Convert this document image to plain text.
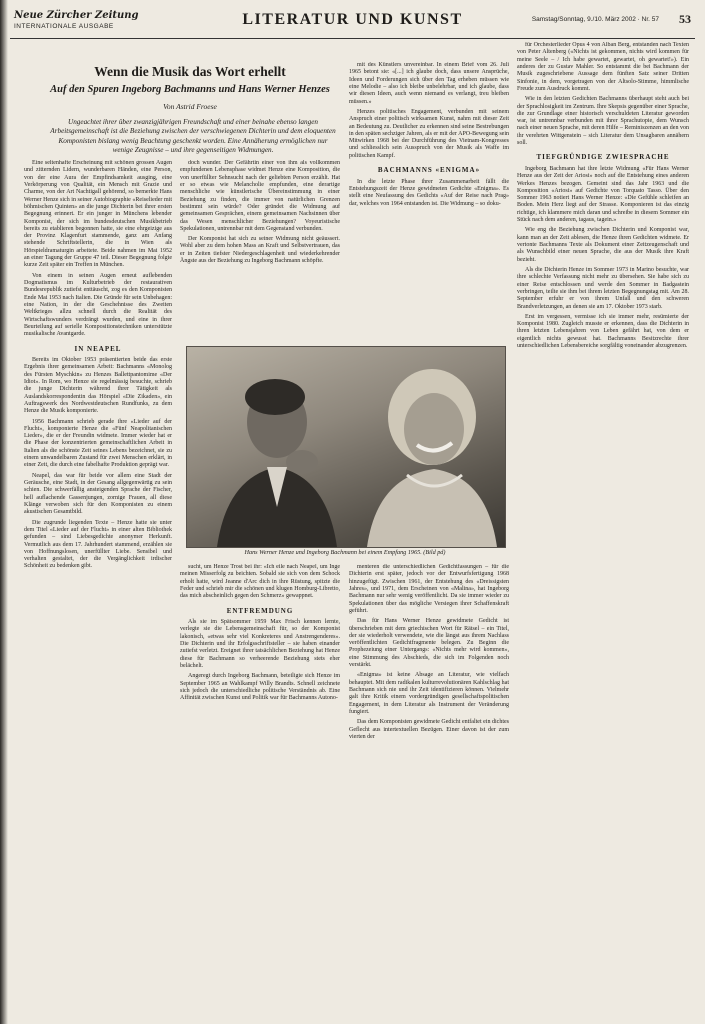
Neue Zürcher Zeitung
INTERNATIONALE AUSGABE	LITERATUR UND KUNST	Samstag/Sonntag, 9./10. März 2002 · Nr. 57 53
Wenn die Musik das Wort erhellt
Auf den Spuren Ingeborg Bachmanns und Hans Werner Henzes
Von Astrid Froese
Ungeachtet ihrer über zwanzigjährigen Freundschaft und einer beinahe ebenso langen Arbeitsgemeinschaft ist die Beziehung zwischen der verschwiegenen Dichterin und dem eloquenten Komponisten bislang wenig Beachtung geschenkt worden. Eine Annäherung ermöglichen nur wenige Zeugnisse – und ihre gegenseitigen Widmungen.

Eine seltenhafte Erscheinung mit schönen grossen Augen und zitternden Lidern, wunderbaren Händen, eine Person, von der eine Aura der Empfindsamkeit ausging, eine Verkörperung von Qualität, ein Mensch mit Grazie und Charme, von der Art Nachtigall gehörend, so bemerkte Hans Werner Henze sich in seiner Autobiographie «Reiselieder mit böhmischen Quinten» an die junge Dichterin bei ihrer ersten Begegnung erinnert. Er ein junger in Münchens lebender Komponist, der sich im bundesdeutschen Musikbetrieb bereits zu etablieren begonnen hatte, sie eine ehrgeizige aus der Provinz Klagenfurt stammende, ganz am Anfang stehende Schriftstellerin, die in Wien als Hörspieldramaturgin arbeitete. Beide nahmen im Mai 1952 an einer Tagung der Gruppe 47 teil. Dieser Begegnung folgte kurze Zeit später ein Treffen in München.

Von einem in seinen Augen erneut auflebenden Dogmatismus im Kulturbetrieb der restaurativen Bundesrepublik zutiefst enttäuscht, zog es den Komponisten Ende Mai 1953 nach Italien. Die Gründe für sein Unbehagen: eine Nation, in der die Geschehnisse des Zweiten Weltkrieges allzu schnell durch die Realität des Wirtschaftswunders verdrängt wurden, und eine in ihrer Beurteilung auf serielle Kompositionstechniken unterstützte musikalische Avantgarde.

IN NEAPEL

Bereits im Oktober 1953 präsentierten beide das erste Ergebnis ihrer gemeinsamen Arbeit: Bachmanns «Monolog des Fürsten Myschkin» zu Henzes Ballettpantomime «Der Idiot». In Rom, wo Henze sie regelmässig besuchte, schrieb die junge Dichterin während ihrer Tätigkeit als Auslandskorrespondentin das Hörspiel «Die Zikaden», ein Auftragswerk des Nordwestdeutschen Rundfunks, zu dem Henze die Musik komponierte.

1956 Bachmann schrieb gerade ihre «Lieder auf der Flucht», komponierte Henze die «Fünf Neapolitanischen Lieder», die er der Freundin widmete. Immer wieder hat er die Phase der konzentrierten gemeinschaftlichen Arbeit in Italien als die schönste Zeit seines Lebens bezeichnet, sie zu einem unwandelbaren Zustand für zwei Menschen erklärt, in einer Zeit, die durch eine fabelhafte Produktion geprägt war.

Neapel, das war für beide vor allem eine Stadt der Geräusche, eine Stadt, in der Gesang allgegenwärtig zu sein schien. Die schwerfällig ansteigenden Sprache der Fischer, hell auflachende Gassenjungen, zornige Frauen, all diese Klänge verwoben sich für den Komponisten zu einem akustischen Gesamtbild.

Die zugrunde liegenden Texte – Henze hatte sie unter dem Titel «Lieder auf der Flucht» in einer alten Bibliothek gefunden – sind Liebesgedichte anonymer Herkunft. Vermutlich aus dem 17. Jahrhundert stammend, erzählen sie von Hoffnungslosen, unerfüllter Liebe. Sensibel und verhalten gestaltet, der die Vergänglichkeit irdischer Schönheit zu bedenken gibt.

doch wunder. Der Gefährtin einer von ihm als vollkommen empfundenen Lebensphase widmet Henze eine Komposition, die von unerfüllter Sehnsucht nach der geliebten Person erzählt. Hat er so etwas wie Melancholie empfunden, eine derartige menschliche wie künstlerische Übereinstimmung in einer Beziehung zu finden, die immer von natürlichen Grenzen bestimmt sein würde? Oder gründet die Widmung auf gemeinsamen Gesprächen, einem gemeinsamen Nachsinnen über das Wesen menschlicher Beziehungen? Voyeuristische Spekulationen, untrennbar mit dem Gegenstand verbunden.

Der Komponist hat sich zu seiner Widmung nicht geäussert. Wohl aber zu dem hohen Mass an Kraft und Selbstvertrauen, das er in Zeiten tiefster Niedergeschlagenheit und wiederkehrender Ängste aus der Beziehung zu Ingeborg Bachmann schöpfte.

mit des Künstlers unvereinbar. In einem Brief vom 26. Juli 1965 betont sie: «[...] ich glaube doch, dass unsere Ansprüche, Ideen und Forderungen sich über den Tag erheben müssen wie eine Melodie – also ich bleibe unbelehrbar, und ich glaube, dass wir diesen Ideen, auch wenn niemand es verlangt, treu bleiben müssen.»

Henzes politisches Engagement, verbunden mit seinem Anspruch einer politisch wirksamen Kunst, nahm mit dieser Zeit an Bedeutung zu. Deutlicher zu erkennen sind seine Bestrebungen in den späten sechziger Jahren, als er mit der APO-Bewegung sein Mitwirken 1968 bei der Durchführung des Vietnam-Kongresses und schliesslich sein Ausspruch von der Musik als Waffe im politischen Kampf.

BACHMANNS «ENIGMA»

In die letzte Phase ihrer Zusammenarbeit fällt die Entstehungszeit der Henze gewidmeten Gedichte «Enigma». Es stellt eine Neufassung des Gedichts «Auf der Reise nach Prag» dar, welches von 1964 entstanden ist. Die Widmung – so doku-

für Orchesterlieder Opus 4 von Alban Berg, entstanden nach Texten von Peter Altenberg («Nichts ist gekommen, nichts wird kommen für meine Seele – / Ich habe gewartet, gewartet, oh gewartet!»). Ein anderes der zu Gustav Mahler. So entstammt die bei Bachmann der Musik zugeschriebene Aussage dem fünften Satz seiner Dritten Sinfonie, in dem, vorgetragen von der Altsolo-Stimme, himmlische Freude zum Ausdruck kommt.

Wie in den letzten Gedichten Bachmanns überhaupt steht auch bei der Sprachlosigkeit im Zentrum. Ihre Skepsis gegenüber einer Sprache, die zur Grundlage einer historisch verschuldeten Literatur geworden war, ist untrennbar verbunden mit ihrer Sprachutopie, dem Wunsch nach einer neuen Sprache, mit deren Hilfe – Reminiszenzen an den von ihr verehrten Wittgenstein – sich Literatur dem Unsagbaren annähern soll.

TIEFGRÜNDIGE ZWIESPRACHE

Ingeborg Bachmann hat ihre letzte Widmung «Für Hans Werner Henze aus der Zeit der Ariosi» noch auf die Entstehung eines anderen Werkes Henzes bezogen. Gemeint sind das Jahr 1963 und die Komposition «Ariosi» auf Gedichte von Torquato Tasso. Über den Sommer 1963 notiert Hans Werner Henze: «Die Gefühle schleifen an Boden. Mein Herz liegt auf der Strasse. Komponieren ist das einzig richtige, ich klammere mich daran und schreibe in diesem Sommer ein Stück nach dem anderen, tagaus, tagein.»

Wie eng die Beziehung zwischen Dichterin und Komponist war, kann man an der Zeit ablesen, die Henze ihren Gedichten widmete. Er vertonte Bachmanns Texte als Dokument einer Zeitzeugenschaft und als Wunschbild einer neuen Sprache, die aus der Musik ihre Kraft bezieht.

Als die Dichterin Henze im Sommer 1973 in Marino besuchte, war ihre schlechte Verfassung nicht mehr zu übersehen. Sie habe sich zu einer Reise entschlossen und werde den Sommer in Badgastein verbringen, teilte sie ihm bei ihrem letzten Begegnungstag mit. Am 28. September erfuhr er von ihrem Unfall und den schweren Brandverletzungen, an denen sie am 17. Oktober 1973 starb.

Erst im vergessen, vermisse ich sie immer mehr, resümierte der Komponist 1980. Zugleich musste er erkennen, dass die Dichterin in ihren letzten Lebensjahren von Leben gefährt hat, von dem er eigentlich nichts gewusst hat. Bachmanns Besitzrechte ihrer unterschiedlichen Lebensbereiche sorgfältig voneinander abzugrenzen.

Hans Werner Henze und Ingeborg Bachmann bei einem Empfang 1965. (Bild pd)

sucht, um Henze Trost bei ihr: «Ich eile nach Neapel, um Inge meinen Misserfolg zu beichten. Sobald sie sich von dem Schock erholt hatte, wird Jeanne d'Arc dich in ihre Rüstung, spitzte die Feder und schrieb mir die schönen und klugen Homburg-Libretto, das mich abscheinlich gegen den Schmerz» gewappnet.

ENTFREMDUNG

Als sie im Spätsommer 1959 Max Frisch kennen lernte, verlegte sie die Lebensgemeinschaft für, so der Komponist lakonisch, «etwas sehr viel Konkreteres und Anstrengenderes». Die Dichterin und ihr Erfolgsschriftsteller – sie haben einander zutiefst verletzt. Ereignet ihrer tatsächlichen Beziehung hat Henze diese für Bachmann so verheerende Beziehung stets eher belächelt.

Angeregt durch Ingeborg Bachmann, beteiligte sich Henze im September 1965 an Wahlkampf Willy Brandts. Schnell zeichnete sich jedoch die unterschiedliche politische Verständnis ab. Eine Affinität zwischen Kunst und Politik war für Bachmanns Autono-

menteren die unterschiedlichen Gedichtfassungen – für die Dichterin erst später, jedoch vor der Entwurfsfertigung 1968 hinzugefügt. Zwischen 1961, der Entstehung des «Dreissigsten Jahres», und 1971, dem Erscheinen von «Malina», hat Ingeborg Bachmann nur sehr wenig veröffentlicht. Da sie immer wieder zu Spekulationen über das mögliche Versiegen ihrer Schaffenskraft geführt.

Das für Hans Werner Henze gewidmete Gedicht ist überschrieben mit dem griechischen Wort für Rätsel – ein Titel, der sie wiederholt verwendete, wie die längst aus ihrem Nachlass veröffentlichten Gedichtfragmente belegen. Zu Beginn die Prophezeiung einer Untergangs: «Nichts mehr wird kommen», eine Stimmung des Abschieds, die sich im Folgenden noch verstärkt.

«Enigma» ist keine Absage an Literatur, wie vielfach behauptet. Mit dem radikalen kulturrevolutionären Kahlschlag hat Bachmann sich nie und ihr Zeit identifizieren können. Vielmehr galt ihre Kritik einem vordergründigen gesellschaftspolitischen Engagement, in dem Literatur als Instrument der Veränderung fungiert.

Das dem Komponisten gewidmete Gedicht entfaltet ein dichtes Geflecht aus intertextuellen Bezügen. Einer davon ist der zum vierten der
